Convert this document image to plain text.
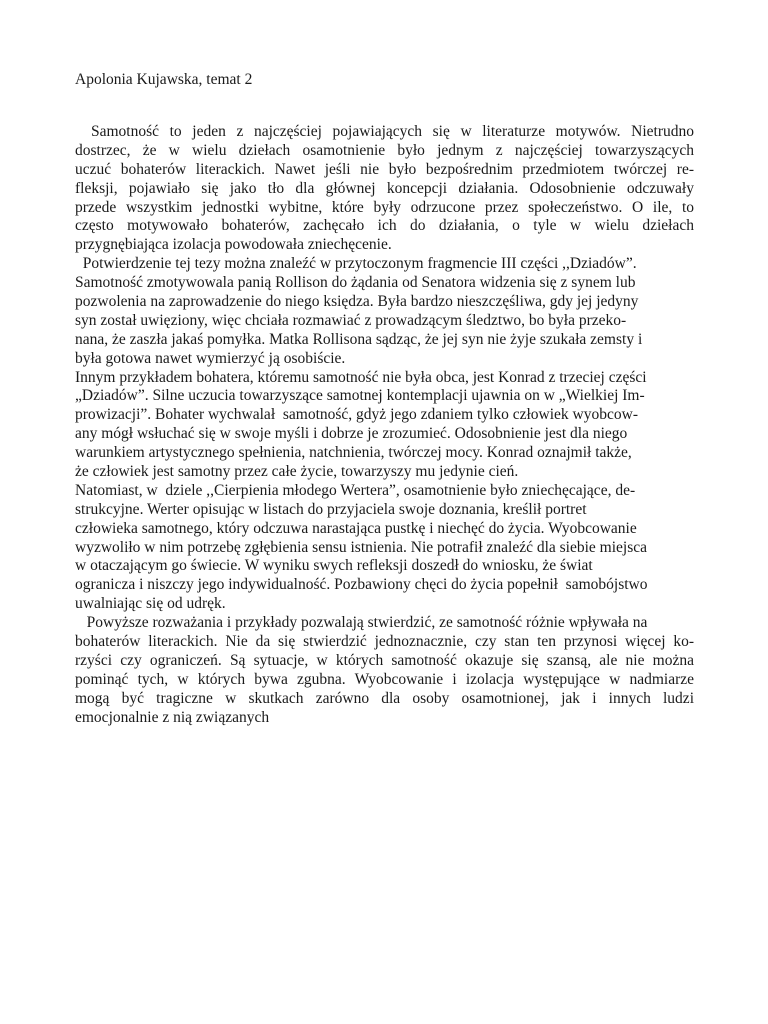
Apolonia Kujawska, temat 2
Samotność to jeden z najczęściej pojawiających się w literaturze motywów. Nietrudno
dostrzec, że w wielu dziełach osamotnienie było jednym z najczęściej towarzyszących
uczuć bohaterów literackich. Nawet jeśli nie było bezpośrednim przedmiotem twórczej re-
fleksji, pojawiało się jako tło dla głównej koncepcji działania. Odosobnienie odczuwały
przede wszystkim jednostki wybitne, które były odrzucone przez społeczeństwo. O ile, to
często motywowało bohaterów, zachęcało ich do działania, o tyle w wielu dziełach
przygnębiająca izolacja powodowała zniechęcenie.
Potwierdzenie tej tezy można znaleźć w przytoczonym fragmencie III części ,,Dziadów”.
Samotność zmotywowala panią Rollison do żądania od Senatora widzenia się z synem lub
pozwolenia na zaprowadzenie do niego księdza. Była bardzo nieszczęśliwa, gdy jej jedyny
syn został uwięziony, więc chciała rozmawiać z prowadzącym śledztwo, bo była przeko-
nana, że zaszła jakaś pomyłka. Matka Rollisona sądząc, że jej syn nie żyje szukała zemsty i
była gotowa nawet wymierzyć ją osobiście.
Innym przykładem bohatera, któremu samotność nie była obca, jest Konrad z trzeciej części
„Dziadów”. Silne uczucia towarzyszące samotnej kontemplacji ujawnia on w „Wielkiej Im-
prowizacji”. Bohater wychwalał  samotność, gdyż jego zdaniem tylko człowiek wyobcow-
any mógł wsłuchać się w swoje myśli i dobrze je zrozumieć. Odosobnienie jest dla niego
warunkiem artystycznego spełnienia, natchnienia, twórczej mocy. Konrad oznajmił także,
że człowiek jest samotny przez całe życie, towarzyszy mu jedynie cień.
Natomiast, w  dziele ,,Cierpienia młodego Wertera”, osamotnienie było zniechęcające, de-
strukcyjne. Werter opisując w listach do przyjaciela swoje doznania, kreślił portret
człowieka samotnego, który odczuwa narastająca pustkę i niechęć do życia. Wyobcowanie
wyzwoliło w nim potrzebę zgłębienia sensu istnienia. Nie potrafił znaleźć dla siebie miejsca
w otaczającym go świecie. W wyniku swych refleksji doszedł do wniosku, że świat
ogranicza i niszczy jego indywidualność. Pozbawiony chęci do życia popełnił  samobójstwo
uwalniając się od udręk.
Powyższe rozważania i przykłady pozwalają stwierdzić, ze samotność różnie wpływała na
bohaterów literackich. Nie da się stwierdzić jednoznacznie, czy stan ten przynosi więcej ko-
rzyści czy ograniczeń. Są sytuacje, w których samotność okazuje się szansą, ale nie można
pominąć tych, w których bywa zgubna. Wyobcowanie i izolacja występujące w nadmiarze
mogą być tragiczne w skutkach zarówno dla osoby osamotnionej, jak i innych ludzi
emocjonalnie z nią związanych
